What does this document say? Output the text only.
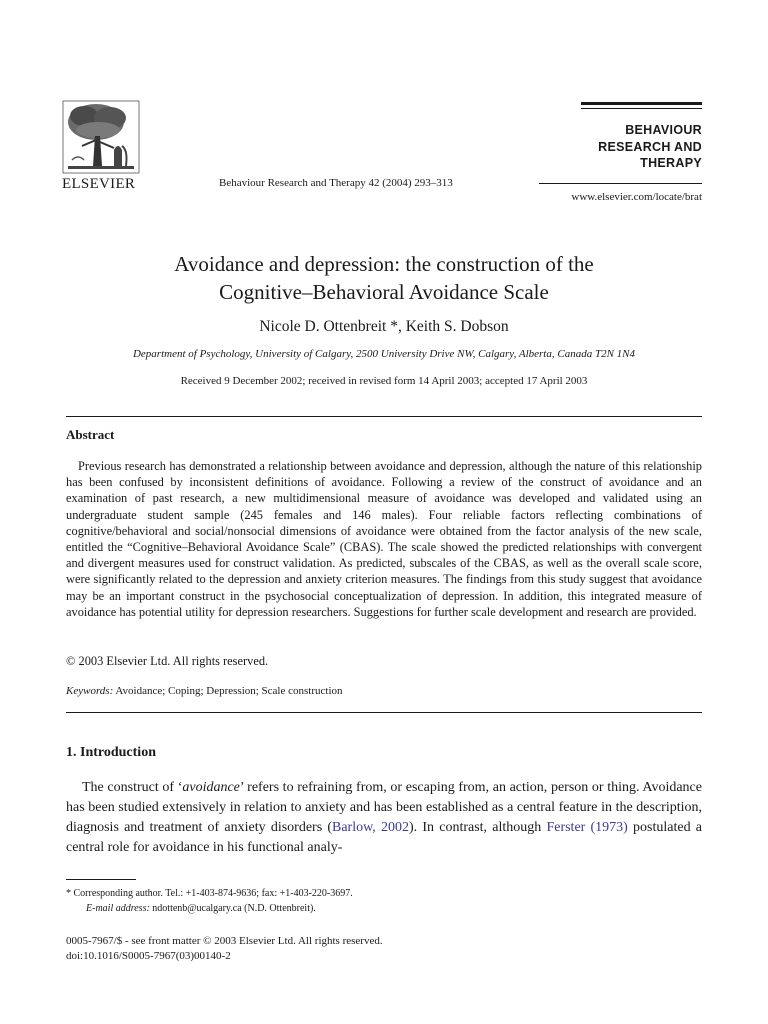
ELSEVIER	Behaviour Research and Therapy 42 (2004) 293–313
BEHAVIOUR
RESEARCH AND
THERAPY
www.elsevier.com/locate/brat
Avoidance and depression: the construction of the
Cognitive–Behavioral Avoidance Scale
Nicole D. Ottenbreit *, Keith S. Dobson
Department of Psychology, University of Calgary, 2500 University Drive NW, Calgary, Alberta, Canada T2N 1N4
Received 9 December 2002; received in revised form 14 April 2003; accepted 17 April 2003
Abstract

Previous research has demonstrated a relationship between avoidance and depression, although the nature of this relationship has been confused by inconsistent definitions of avoidance. Following a review of the construct of avoidance and an examination of past research, a new multidimensional measure of avoidance was developed and validated using an undergraduate student sample (245 females and 146 males). Four reliable factors reflecting combinations of cognitive/behavioral and social/nonsocial dimensions of avoidance were obtained from the factor analysis of the new scale, entitled the “Cognitive–Behavioral Avoidance Scale” (CBAS). The scale showed the predicted relationships with convergent and divergent measures used for construct validation. As predicted, subscales of the CBAS, as well as the overall scale score, were significantly related to the depression and anxiety criterion measures. The findings from this study suggest that avoidance may be an important construct in the psychosocial conceptualization of depression. In addition, this integrated measure of avoidance has potential utility for depression researchers. Suggestions for further scale development and research are provided.

© 2003 Elsevier Ltd. All rights reserved.
Keywords: Avoidance; Coping; Depression; Scale construction
1. Introduction

The construct of ‘avoidance’ refers to refraining from, or escaping from, an action, person or thing. Avoidance has been studied extensively in relation to anxiety and has been established as a central feature in the description, diagnosis and treatment of anxiety disorders (Barlow, 2002). In contrast, although Ferster (1973) postulated a central role for avoidance in his functional analy-

* Corresponding author. Tel.: +1-403-874-9636; fax: +1-403-220-3697.
E-mail address: ndottenb@ucalgary.ca (N.D. Ottenbreit).
0005-7967/$ - see front matter © 2003 Elsevier Ltd. All rights reserved.
doi:10.1016/S0005-7967(03)00140-2
